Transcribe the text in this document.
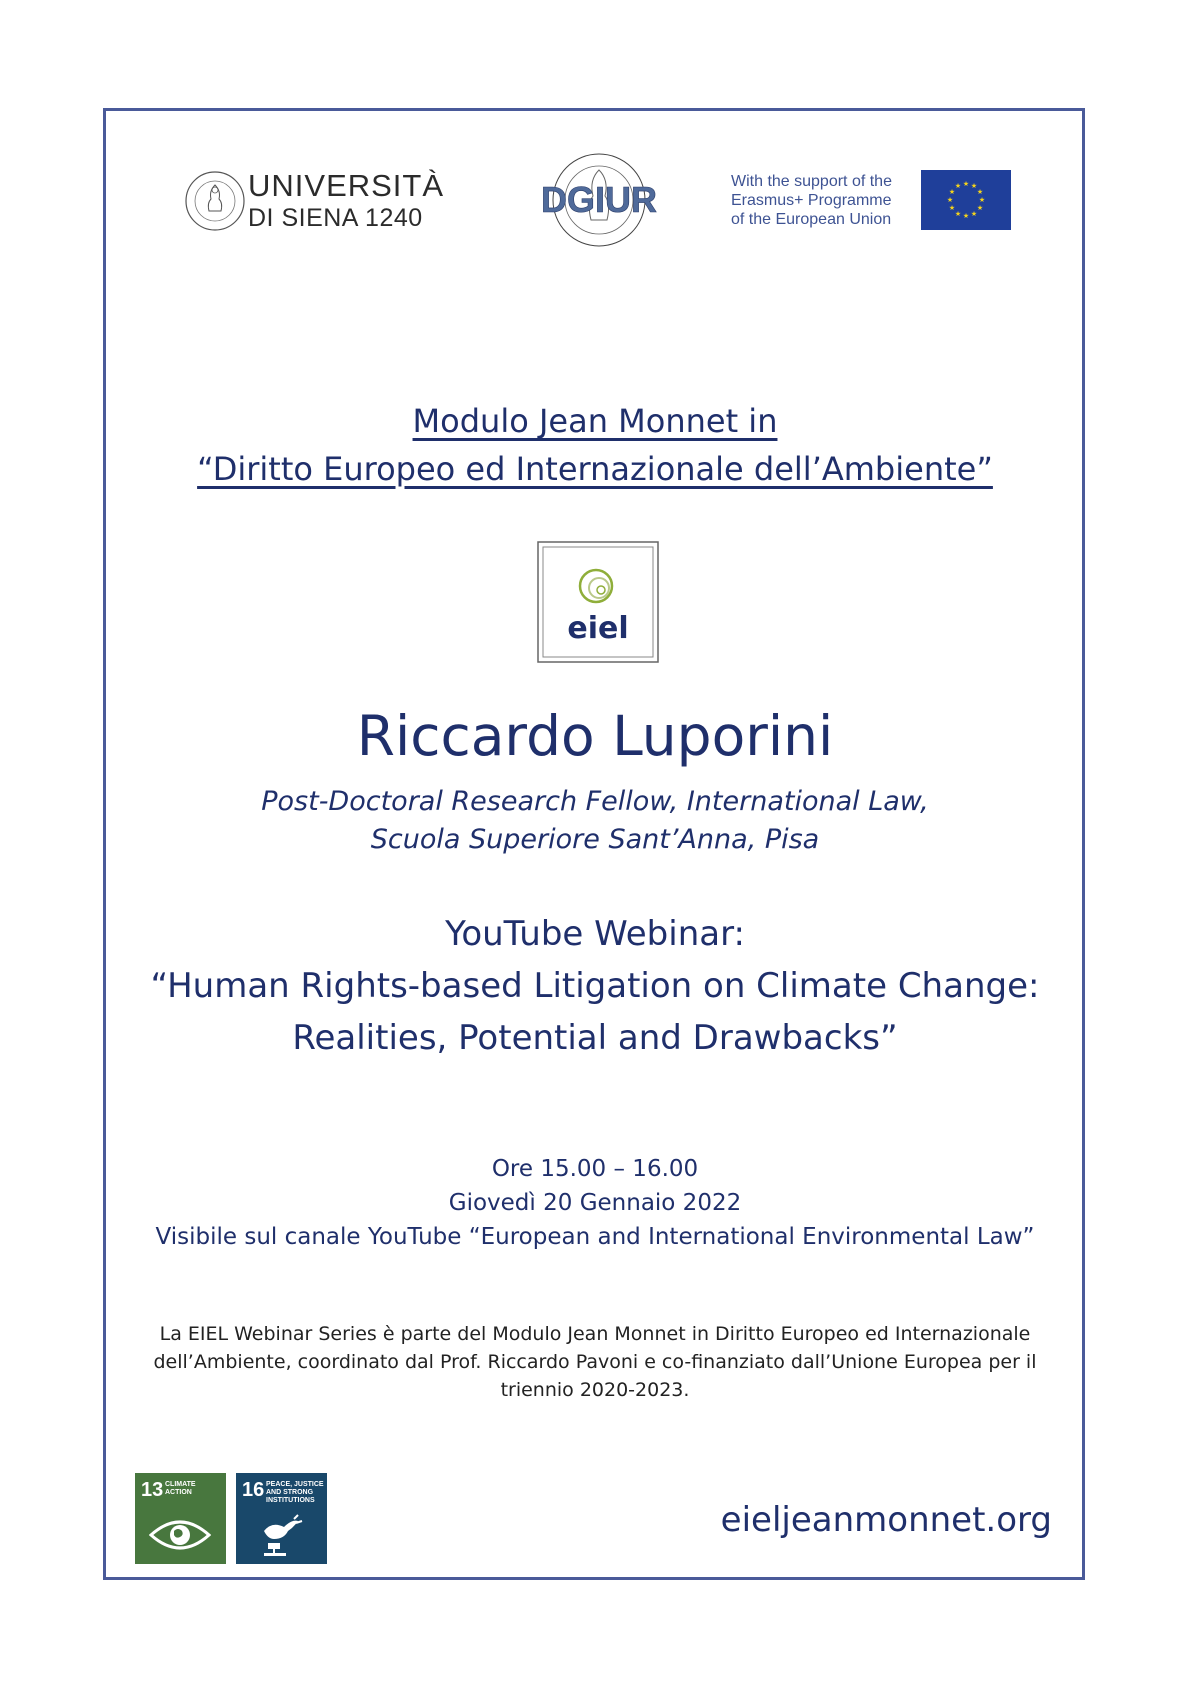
UNIVERSITÀ
DI SIENA 1240	DGIUR	With the support of the
Erasmus+ Programme
of the European Union
★ ★
★
★
★
★
★
★
★
★
★
★
Modulo Jean Monnet in
“Diritto Europeo ed Internazionale dell’Ambiente”
eiel
Riccardo Luporini
Post-Doctoral Research Fellow, International Law,
Scuola Superiore Sant’Anna, Pisa
YouTube Webinar:
“Human Rights-based Litigation on Climate Change:
Realities, Potential and Drawbacks”
Ore 15.00 – 16.00
Giovedì 20 Gennaio 2022
Visibile sul canale YouTube “European and International Environmental Law”
La EIEL Webinar Series è parte del Modulo Jean Monnet in Diritto Europeo ed Internazionale dell’Ambiente, coordinato dal Prof. Riccardo Pavoni e co-finanziato dall’Unione Europea per il triennio 2020-2023.
13 CLIMATE ACTION	16 PEACE, JUSTICE AND STRONG INSTITUTIONS	eieljeanmonnet.org
